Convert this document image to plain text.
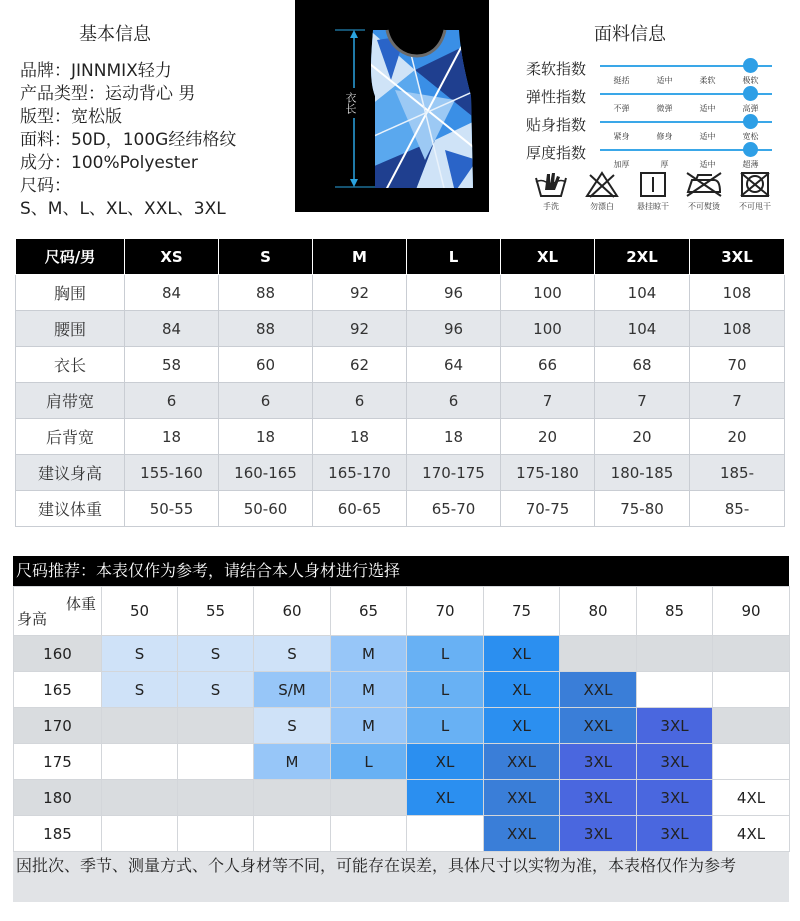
基本信息
品牌：JINNMIX轻力
产品类型：运动背心 男
版型：宽松版
面料：50D，100G经纬格纹
成分：100%Polyester
尺码：
S、M、L、XL、XXL、3XL
衣长
面料信息
柔软指数
挺括	适中	柔软	极软
弹性指数
不弹	微弹	适中	高弹
贴身指数
紧身	修身	适中	宽松
厚度指数
加厚	厚	适中	超薄
手洗	勿漂白	悬挂晾干	不可熨烫	不可甩干
尺码/男	XS	S	M	L	XL	2XL	3XL
胸围	84	88	92	96	100	104	108
腰围	84	88	92	96	100	104	108
衣长	58	60	62	64	66	68	70
肩带宽	6	6	6	6	7	7	7
后背宽	18	18	18	18	20	20	20
建议身高	155-160	160-165	165-170	170-175	175-180	180-185	185-
建议体重	50-55	50-60	60-65	65-70	70-75	75-80	85-
尺码推荐：本表仅作为参考，请结合本人身材进行选择
体重
身高	50	55	60	65	70	75	80	85	90
160	S	S	S	M	L	XL			
165	S	S	S/M	M	L	XL	XXL		
170			S	M	L	XL	XXL	3XL	
175			M	L	XL	XXL	3XL	3XL	
180					XL	XXL	3XL	3XL	4XL
185						XXL	3XL	3XL	4XL
因批次、季节、测量方式、个人身材等不同，可能存在误差，具体尺寸以实物为准，本表格仅作为参考
